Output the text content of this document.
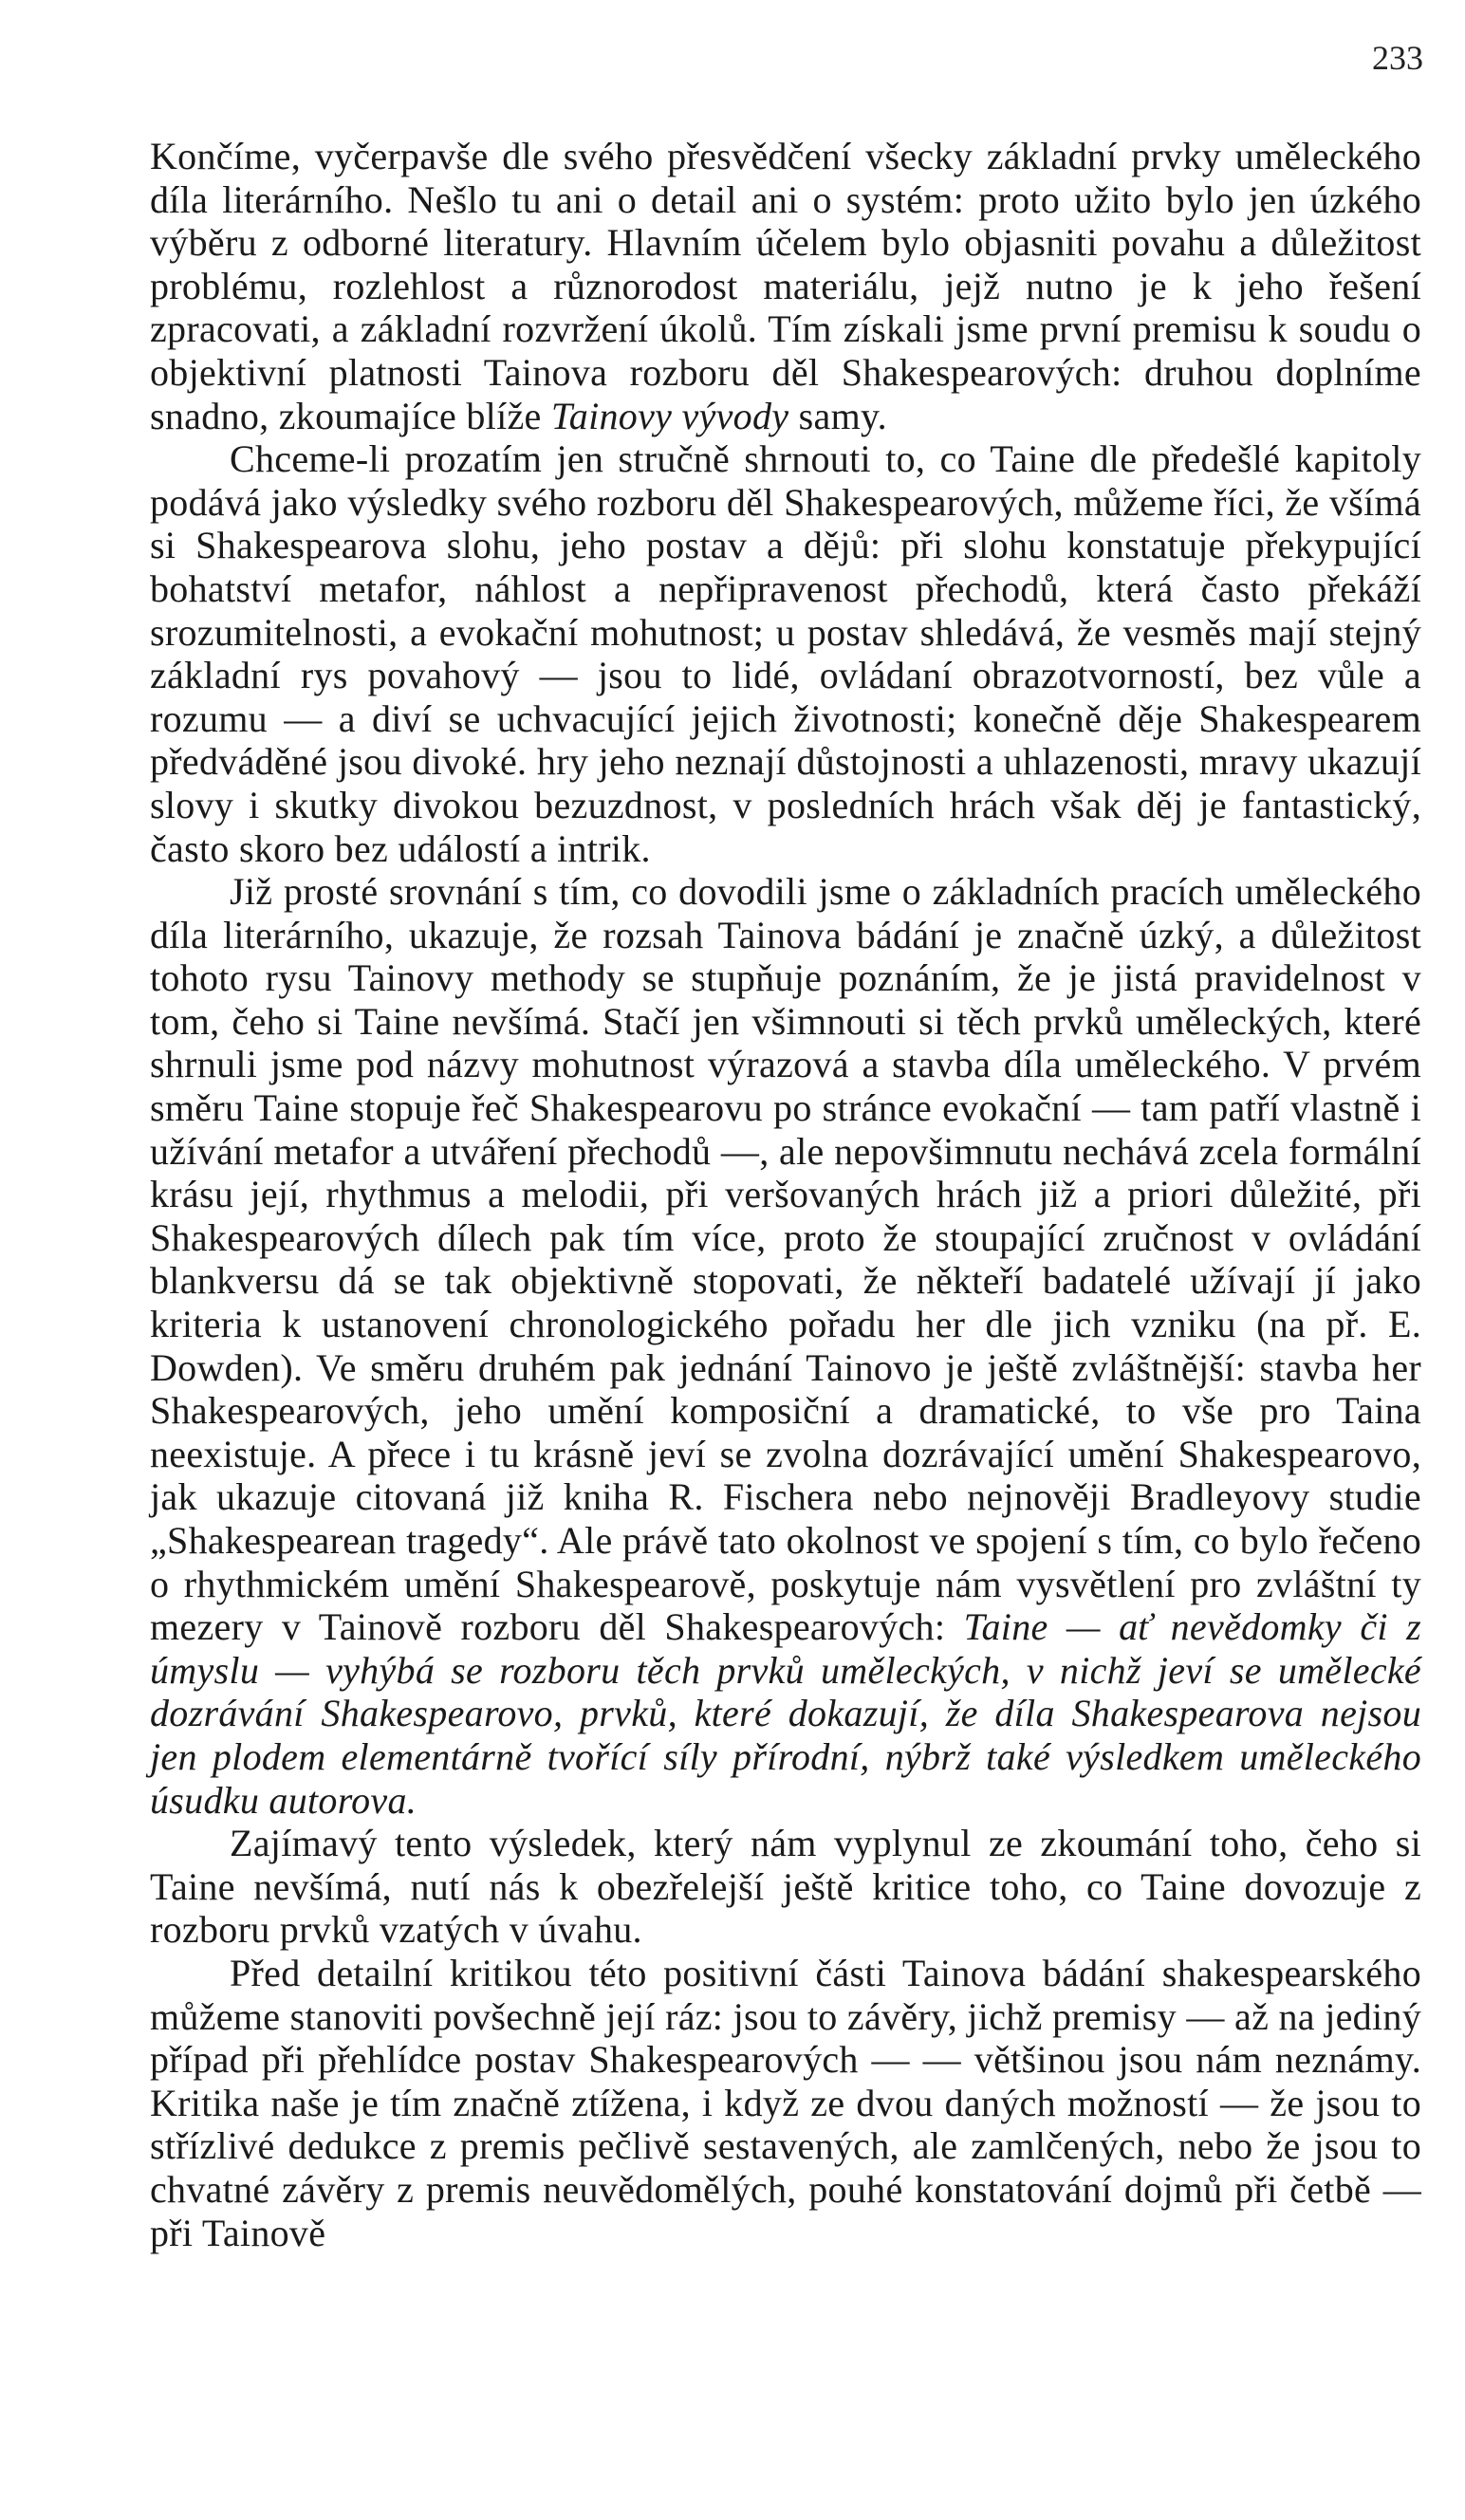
233

Končíme, vyčerpavše dle svého přesvědčení všecky základní prvky uměleckého díla literárního. Nešlo tu ani o detail ani o systém: proto užito bylo jen úzkého výběru z odborné literatury. Hlavním účelem bylo objasniti povahu a důležitost problému, rozlehlost a různorodost materiálu, jejž nutno je k jeho řešení zpracovati, a základní rozvržení úkolů. Tím získali jsme první premisu k soudu o objektivní platnosti Tainova rozboru děl Shakespearových: druhou doplníme snadno, zkoumajíce blíže Tainovy vývody samy.

Chceme-li prozatím jen stručně shrnouti to, co Taine dle předešlé kapitoly podává jako výsledky svého rozboru děl Shakespearových, můžeme říci, že všímá si Shakespearova slohu, jeho postav a dějů: při slohu konstatuje překypující bohatství metafor, náhlost a nepřipravenost přechodů, která často překáží srozumitelnosti, a evokační mohutnost; u postav shledává, že vesměs mají stejný základní rys povahový — jsou to lidé, ovládaní obrazotvorností, bez vůle a rozumu — a diví se uchvacující jejich životnosti; konečně děje Shakespearem předváděné jsou divoké. hry jeho neznají důstojnosti a uhlazenosti, mravy ukazují slovy i skutky divokou bezuzdnost, v posledních hrách však děj je fantastický, často skoro bez událostí a intrik.

Již prosté srovnání s tím, co dovodili jsme o základních pracích uměleckého díla literárního, ukazuje, že rozsah Tainova bádání je značně úzký, a důležitost tohoto rysu Tainovy methody se stupňuje poznáním, že je jistá pravidelnost v tom, čeho si Taine nevšímá. Stačí jen všimnouti si těch prvků uměleckých, které shrnuli jsme pod názvy mohutnost výrazová a stavba díla uměleckého. V prvém směru Taine stopuje řeč Shakespearovu po stránce evokační — tam patří vlastně i užívání metafor a utváření přechodů —, ale nepovšimnutu nechává zcela formální krásu její, rhythmus a melodii, při veršovaných hrách již a priori důležité, při Shakespearových dílech pak tím více, proto že stoupající zručnost v ovládání blankversu dá se tak objektivně stopovati, že někteří badatelé užívají jí jako kriteria k ustanovení chronologického pořadu her dle jich vzniku (na př. E. Dowden). Ve směru druhém pak jednání Tainovo je ještě zvláštnější: stavba her Shakespearových, jeho umění komposiční a dramatické, to vše pro Taina neexistuje. A přece i tu krásně jeví se zvolna dozrávající umění Shakespearovo, jak ukazuje citovaná již kniha R. Fischera nebo nejnověji Bradleyovy studie „Shakespearean tragedy“. Ale právě tato okolnost ve spojení s tím, co bylo řečeno o rhythmickém umění Shakespearově, poskytuje nám vysvětlení pro zvláštní ty mezery v Tainově rozboru děl Shakespearových: Taine — ať nevědomky či z úmyslu — vyhýbá se rozboru těch prvků uměleckých, v nichž jeví se umělecké dozrávání Shakespearovo, prvků, které dokazují, že díla Shakespearova nejsou jen plodem elementárně tvořící síly přírodní, nýbrž také výsledkem uměleckého úsudku autorova.

Zajímavý tento výsledek, který nám vyplynul ze zkoumání toho, čeho si Taine nevšímá, nutí nás k obezřelejší ještě kritice toho, co Taine dovozuje z rozboru prvků vzatých v úvahu.

Před detailní kritikou této positivní části Tainova bádání shakespearského můžeme stanoviti povšechně její ráz: jsou to závěry, jichž premisy — až na jediný případ při přehlídce postav Shakespearových — — většinou jsou nám neznámy. Kritika naše je tím značně ztížena, i když ze dvou daných možností — že jsou to střízlivé dedukce z premis pečlivě sestavených, ale zamlčených, nebo že jsou to chvatné závěry z premis neuvědomělých, pouhé konstatování dojmů při četbě — při Tainově
